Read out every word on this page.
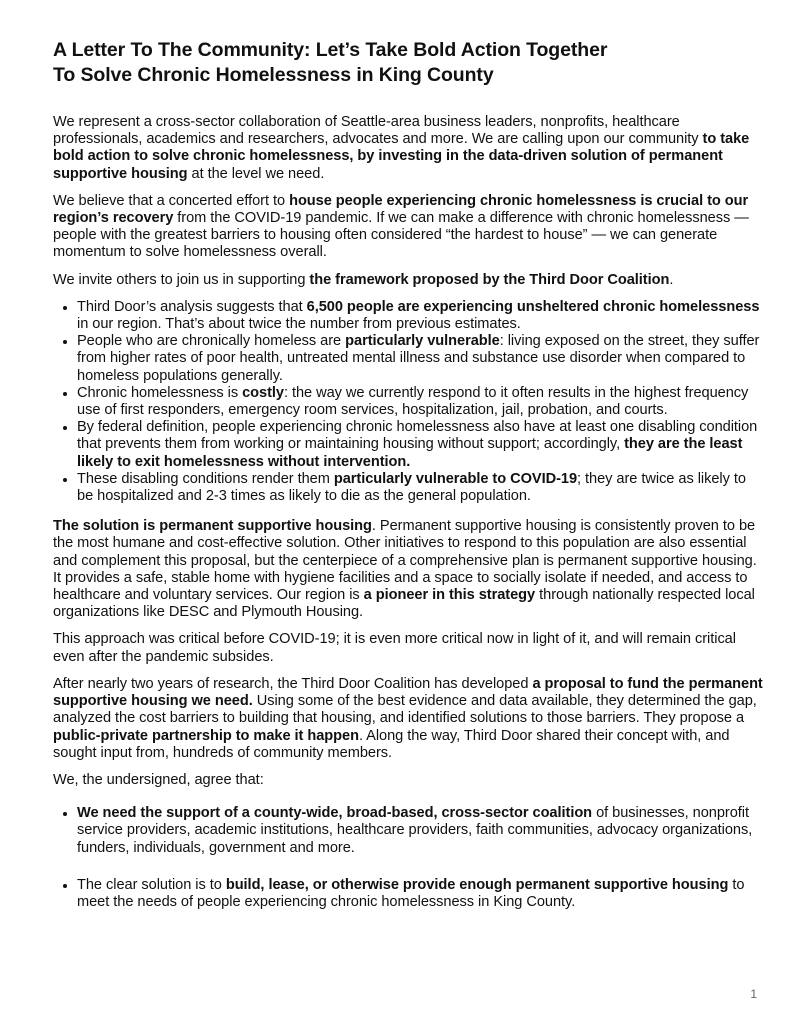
A Letter To The Community: Let’s Take Bold Action Together
To Solve Chronic Homelessness in King County

We represent a cross-sector collaboration of Seattle-area business leaders, nonprofits, healthcare professionals, academics and researchers, advocates and more. We are calling upon our community to take bold action to solve chronic homelessness, by investing in the data-driven solution of permanent supportive housing at the level we need.

We believe that a concerted effort to house people experiencing chronic homelessness is crucial to our region’s recovery from the COVID-19 pandemic. If we can make a difference with chronic homelessness — people with the greatest barriers to housing often considered “the hardest to house” — we can generate momentum to solve homelessness overall.

We invite others to join us in supporting the framework proposed by the Third Door Coalition.

• Third Door’s analysis suggests that 6,500 people are experiencing unsheltered chronic homelessness in our region. That’s about twice the number from previous estimates.
• People who are chronically homeless are particularly vulnerable: living exposed on the street, they suffer from higher rates of poor health, untreated mental illness and substance use disorder when compared to homeless populations generally.
• Chronic homelessness is costly: the way we currently respond to it often results in the highest frequency use of first responders, emergency room services, hospitalization, jail, probation, and courts.
• By federal definition, people experiencing chronic homelessness also have at least one disabling condition that prevents them from working or maintaining housing without support; accordingly, they are the least likely to exit homelessness without intervention.
• These disabling conditions render them particularly vulnerable to COVID-19; they are twice as likely to be hospitalized and 2-3 times as likely to die as the general population.

The solution is permanent supportive housing. Permanent supportive housing is consistently proven to be the most humane and cost-effective solution. Other initiatives to respond to this population are also essential and complement this proposal, but the centerpiece of a comprehensive plan is permanent supportive housing. It provides a safe, stable home with hygiene facilities and a space to socially isolate if needed, and access to healthcare and voluntary services. Our region is a pioneer in this strategy through nationally respected local organizations like DESC and Plymouth Housing.

This approach was critical before COVID-19; it is even more critical now in light of it, and will remain critical even after the pandemic subsides.

After nearly two years of research, the Third Door Coalition has developed a proposal to fund the permanent supportive housing we need. Using some of the best evidence and data available, they determined the gap, analyzed the cost barriers to building that housing, and identified solutions to those barriers. They propose a public-private partnership to make it happen. Along the way, Third Door shared their concept with, and sought input from, hundreds of community members.

We, the undersigned, agree that:

• We need the support of a county-wide, broad-based, cross-sector coalition of businesses, nonprofit service providers, academic institutions, healthcare providers, faith communities, advocacy organizations, funders, individuals, government and more.
• The clear solution is to build, lease, or otherwise provide enough permanent supportive housing to meet the needs of people experiencing chronic homelessness in King County.
1
